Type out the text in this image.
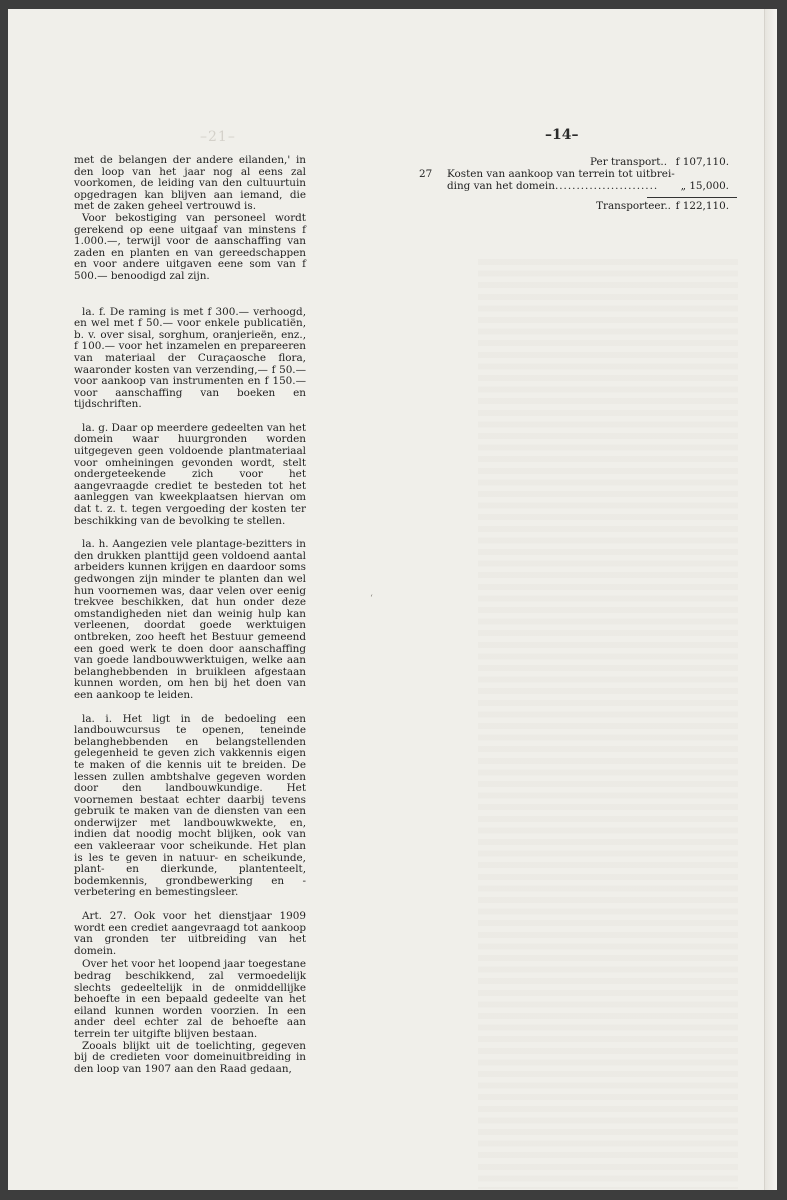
–21–	–14–
‘

met de belangen der andere eilanden,' in den loop van het jaar nog al eens zal voorkomen, de leiding van den cultuurtuin opgedragen kan blijven aan iemand, die met de zaken geheel vertrouwd is.

Voor bekostiging van personeel wordt gerekend op eene uitgaaf van minstens f 1.000.—, terwijl voor de aanschaffing van zaden en planten en van gereedschappen en voor andere uitgaven eene som van f 500.— benoodigd zal zijn.

la. f. De raming is met f 300.— verhoogd, en wel met f 50.— voor enkele publicatiën, b. v. over sisal, sorghum, oranjerieën, enz., f 100.— voor het inzamelen en prepareeren van materiaal der Curaçaosche flora, waaronder kosten van verzending,— f 50.— voor aankoop van instrumenten en f 150.— voor aanschaffing van boeken en tijdschriften.

la. g. Daar op meerdere gedeelten van het domein waar huurgronden worden uitgegeven geen voldoende plantmateriaal voor omheiningen gevonden wordt, stelt ondergeteekende zich voor het aangevraagde crediet te besteden tot het aanleggen van kweekplaatsen hiervan om dat t. z. t. tegen vergoeding der kosten ter beschikking van de bevolking te stellen.

la. h. Aangezien vele plantage-bezitters in den drukken planttijd geen voldoend aantal arbeiders kunnen krijgen en daardoor soms gedwongen zijn minder te planten dan wel hun voornemen was, daar velen over eenig trekvee beschikken, dat hun onder deze omstandigheden niet dan weinig hulp kan verleenen, doordat goede werktuigen ontbreken, zoo heeft het Bestuur gemeend een goed werk te doen door aanschaffing van goede landbouwwerktuigen, welke aan belanghebbenden in bruikleen afgestaan kunnen worden, om hen bij het doen van een aankoop te leiden.

la. i. Het ligt in de bedoeling een landbouwcursus te openen, teneinde belanghebbenden en belangstellenden gelegenheid te geven zich vakkennis eigen te maken of die kennis uit te breiden. De lessen zullen ambtshalve gegeven worden door den landbouwkundige. Het voornemen bestaat echter daarbij tevens gebruik te maken van de diensten van een onderwijzer met landbouwkwekte, en, indien dat noodig mocht blijken, ook van een vakleeraar voor scheikunde. Het plan is les te geven in natuur- en scheikunde, plant- en dierkunde, plantenteelt, bodemkennis, grondbewerking en - verbetering en bemestingsleer.

Art. 27. Ook voor het dienstjaar 1909 wordt een crediet aangevraagd tot aankoop van gronden ter uitbreiding van het domein.

Over het voor het loopend jaar toegestane bedrag beschikkend, zal vermoedelijk slechts gedeeltelijk in de onmiddellijke behoefte in een bepaald gedeelte van het eiland kunnen worden voorzien. In een ander deel echter zal de behoefte aan terrein ter uitgifte blijven bestaan.

Zooals blijkt uit de toelichting, gegeven bij de credieten voor domeinuitbreiding in den loop van 1907 aan den Raad gedaan,

Per transport.. f 107,110.
27 Kosten van aankoop van terrein tot uitbrei-
ding van het domein........................ „ 15,000.
Transporteer.. f 122,110.
